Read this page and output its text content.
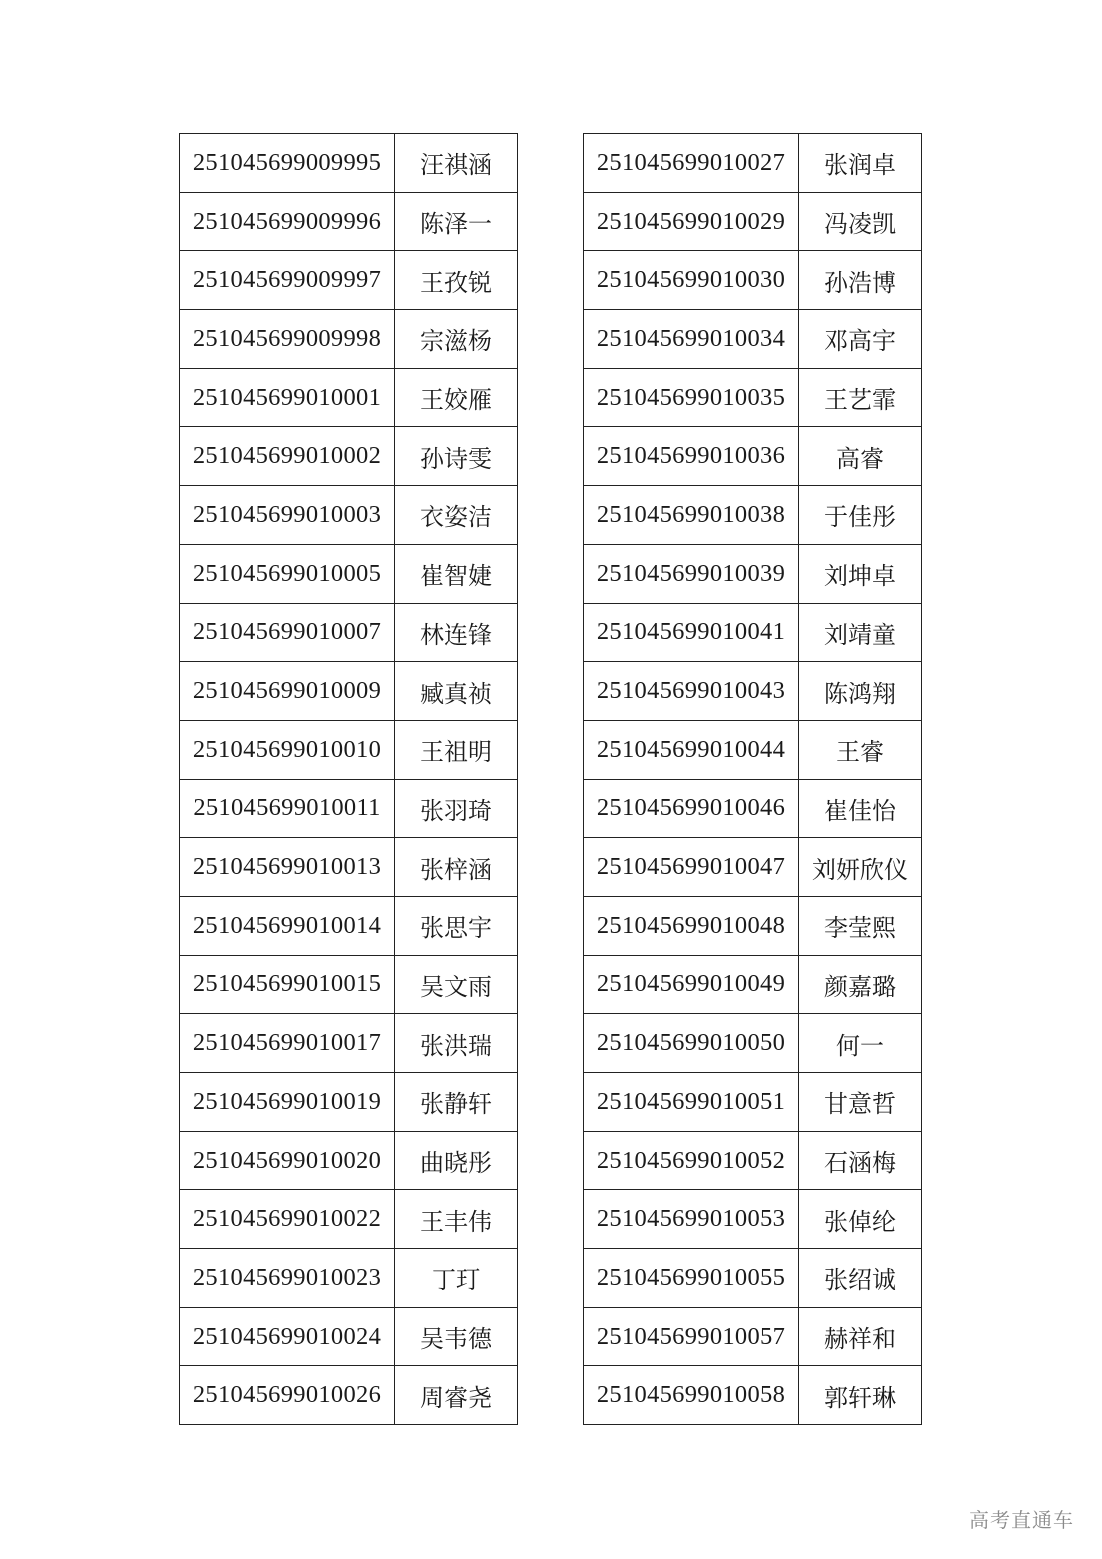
251045699009995	汪祺涵
251045699009996	陈泽一
251045699009997	王孜锐
251045699009998	宗滋杨
251045699010001	王姣雁
251045699010002	孙诗雯
251045699010003	衣姿洁
251045699010005	崔智婕
251045699010007	林连锋
251045699010009	臧真祯
251045699010010	王祖明
251045699010011	张羽琦
251045699010013	张梓涵
251045699010014	张思宇
251045699010015	吴文雨
251045699010017	张洪瑞
251045699010019	张静轩
251045699010020	曲晓彤
251045699010022	王丰伟
251045699010023	丁玎
251045699010024	吴韦德
251045699010026	周睿尧
251045699010027	张润卓
251045699010029	冯凌凯
251045699010030	孙浩博
251045699010034	邓高宇
251045699010035	王艺霏
251045699010036	高睿
251045699010038	于佳彤
251045699010039	刘坤卓
251045699010041	刘靖童
251045699010043	陈鸿翔
251045699010044	王睿
251045699010046	崔佳怡
251045699010047	刘妍欣仪
251045699010048	李莹熙
251045699010049	颜嘉璐
251045699010050	何一
251045699010051	甘意哲
251045699010052	石涵梅
251045699010053	张倬纶
251045699010055	张绍诚
251045699010057	赫祥和
251045699010058	郭轩琳
高考直通车
